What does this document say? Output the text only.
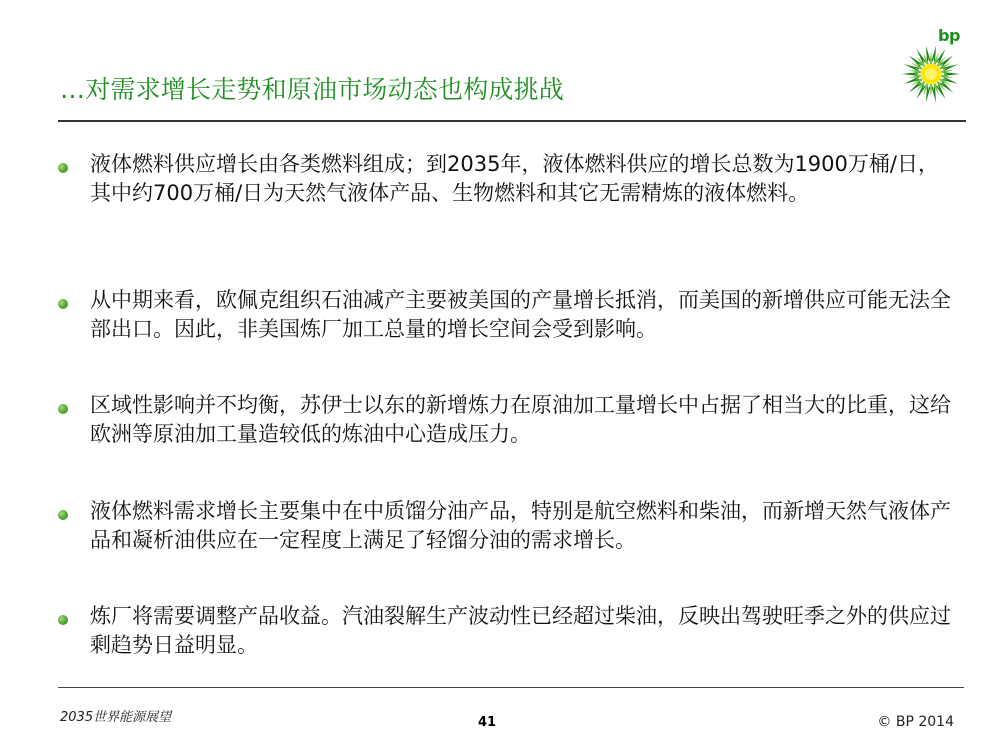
…对需求增长走势和原油市场动态也构成挑战
bp
液体燃料供应增长由各类燃料组成；到2035年，液体燃料供应的增长总数为1900万桶/日，其中约700万桶/日为天然气液体产品、生物燃料和其它无需精炼的液体燃料。
从中期来看，欧佩克组织石油减产主要被美国的产量增长抵消，而美国的新增供应可能无法全部出口。因此，非美国炼厂加工总量的增长空间会受到影响。
区域性影响并不均衡，苏伊士以东的新增炼力在原油加工量增长中占据了相当大的比重，这给欧洲等原油加工量造较低的炼油中心造成压力。
液体燃料需求增长主要集中在中质馏分油产品，特别是航空燃料和柴油，而新增天然气液体产品和凝析油供应在一定程度上满足了轻馏分油的需求增长。
炼厂将需要调整产品收益。汽油裂解生产波动性已经超过柴油，反映出驾驶旺季之外的供应过剩趋势日益明显。
2035世界能源展望	41	© BP 2014
